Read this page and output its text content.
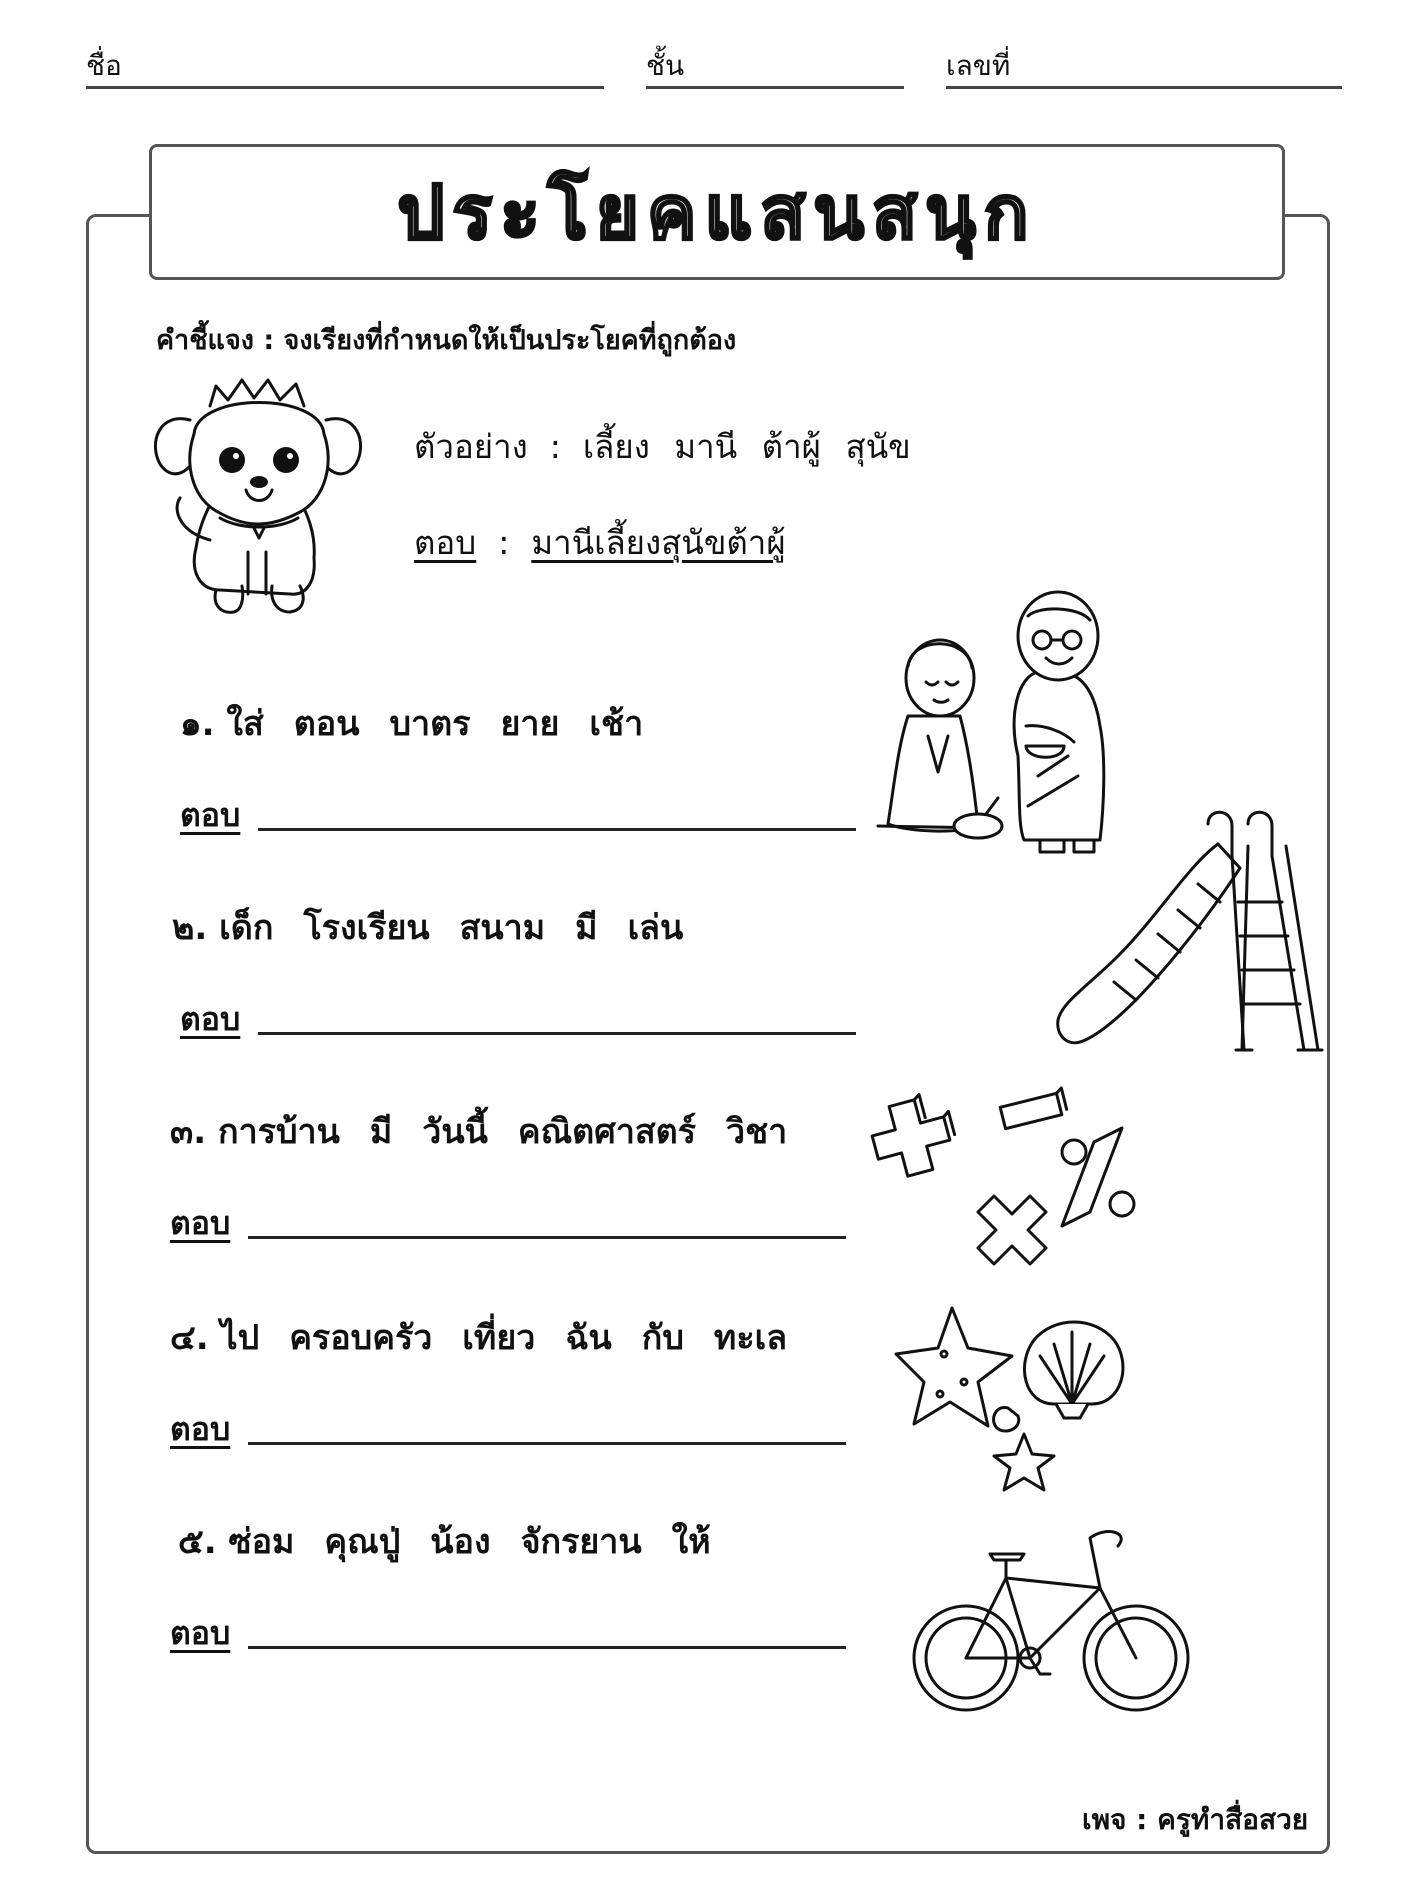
ชื่อ	ชั้น	เลขที่
ประโยคแสนสนุก
คำชี้แจง : จงเรียงที่กำหนดให้เป็นประโยคที่ถูกต้อง
ตัวอย่าง : เลี้ยง มานี ต้าผู้ สุนัข
ตอบ : มานีเลี้ยงสุนัขต้าผู้
๑. ใส่ ตอน บาตร ยาย เช้า
ตอบ
๒. เด็ก โรงเรียน สนาม มี เล่น
ตอบ
๓. การบ้าน มี วันนี้ คณิตศาสตร์ วิชา
ตอบ
๔. ไป ครอบครัว เที่ยว ฉัน กับ ทะเล
ตอบ
๕. ซ่อม คุณปู่ น้อง จักรยาน ให้
ตอบ
เพจ : ครูทำสื่อสวย
